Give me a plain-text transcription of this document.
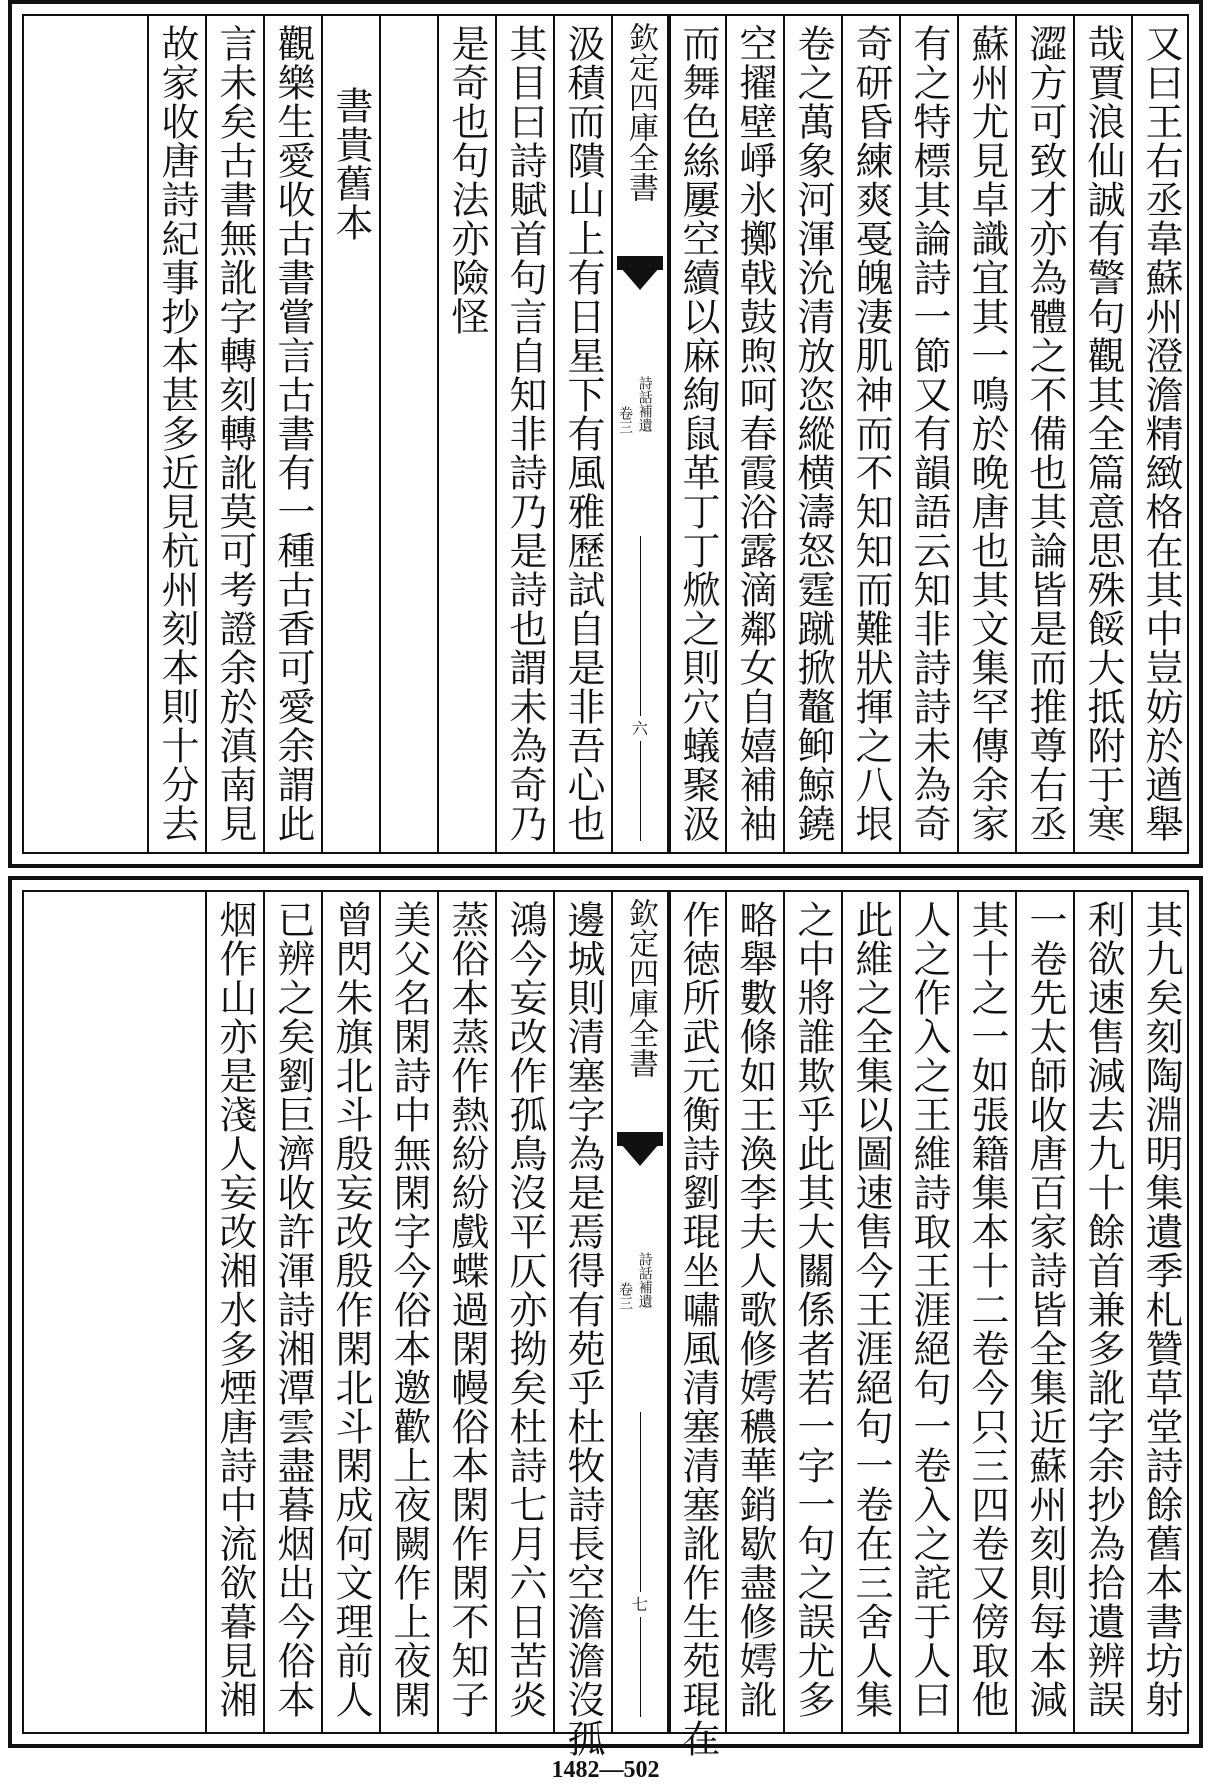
又曰王右丞韋蘇州澄澹精緻格在其中豈妨於遒舉
哉賈浪仙誠有警句觀其全篇意思殊餒大抵附于寒
澀方可致才亦為體之不備也其論皆是而推尊右丞
蘇州尤見卓識宜其一鳴於晚唐也其文集罕傳余家
有之特標其論詩一節又有韻語云知非詩詩未為奇
奇研昏練爽戞魄淒肌神而不知知而難狀揮之八垠
卷之萬象河渾沇清放恣縱横濤怒霆蹴掀鼇䲟鯨鐃
空擢壁崢氷擲戟鼓煦呵春霞浴露滴鄰女自嬉補袖
欽定四庫全書
詩話補遺
卷三
六 而舞色絲屢空續以麻絢鼠革丁丁焮之則穴蟻聚汲
汲積而隤山上有日星下有風雅歷試自是非吾心也
其目曰詩賦首句言自知非詩乃是詩也謂未為奇乃
是奇也句法亦險怪
書貴舊本
觀樂生愛收古書嘗言古書有一種古香可愛余謂此
言未矣古書無訛字轉刻轉訛莫可考證余於滇南見
故家收唐詩紀事抄本甚多近見杭州刻本則十分去
其九矣刻陶淵明集遺季札贊草堂詩餘舊本書坊射
利欲速售減去九十餘首兼多訛字余抄為拾遺辨誤
一卷先太師收唐百家詩皆全集近蘇州刻則每本減
其十之一如張籍集本十二卷今只三四卷又傍取他
人之作入之王維詩取王涯絕句一卷入之詫于人曰
此維之全集以圖速售今王涯絕句一卷在三舍人集
之中將誰欺乎此其大關係者若一字一句之誤尤多
略舉數條如王渙李夫人歌修嫮穠華銷歇盡修嫮訛
欽定四庫全書
詩話補遺
卷三
七 作徳所武元衡詩劉琨坐嘯風清塞清塞訛作生苑琨在
邊城則清塞字為是焉得有苑乎杜牧詩長空澹澹沒孤
鴻今妄改作孤鳥沒平仄亦拗矣杜詩七月六日苦炎
蒸俗本蒸作熱紛紛戲蝶過閑幔俗本閑作閑不知子
美父名閑詩中無閑字今俗本邀歡上夜闕作上夜閑
曾閃朱旗北斗殷妄改殷作閑北斗閑成何文理前人
已辨之矣劉巨濟收許渾詩湘潭雲盡暮烟出今俗本
烟作山亦是淺人妄改湘水多煙唐詩中流欲暮見湘
1482—502
